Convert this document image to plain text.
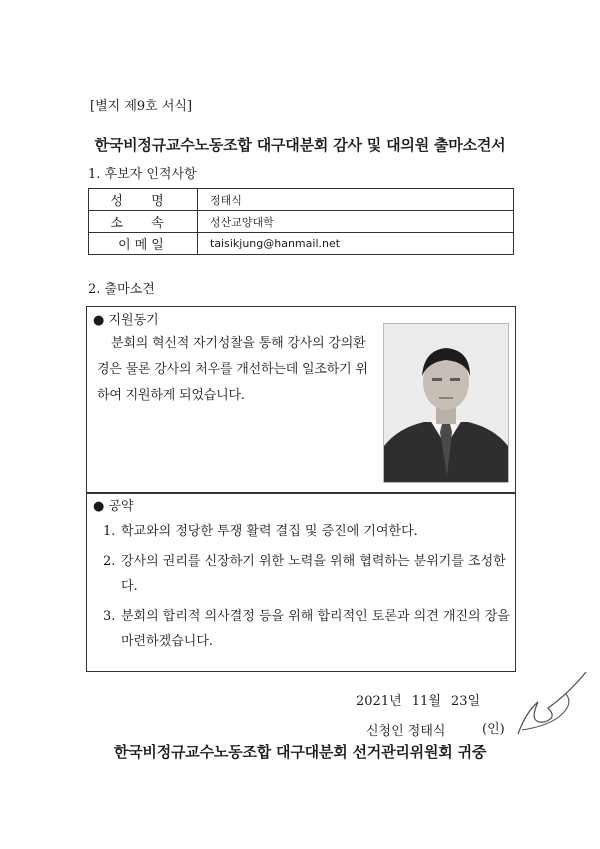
[별지 제9호 서식]
한국비정규교수노동조합 대구대분회 감사 및 대의원 출마소견서
1. 후보자 인적사항
성 명	정태식
소 속	성산교양대학
이메일	taisikjung@hanmail.net
2. 출마소견
● 지원동기
분회의 혁신적 자기성찰을 통해 강사의 강의환경은 물론 강사의 처우를 개선하는데 일조하기 위하여 지원하게 되었습니다.
● 공약
1. 학교와의 정당한 투쟁 활력 결집 및 증진에 기여한다.
2. 강사의 권리를 신장하기 위한 노력을 위해 협력하는 분위기를 조성한다.
3. 분회의 합리적 의사결정 등을 위해 합리적인 토론과 의견 개진의 장을 마련하겠습니다.
2021년 11월 23일
신청인 정태식	(인)
한국비정규교수노동조합 대구대분회 선거관리위원회 귀중
